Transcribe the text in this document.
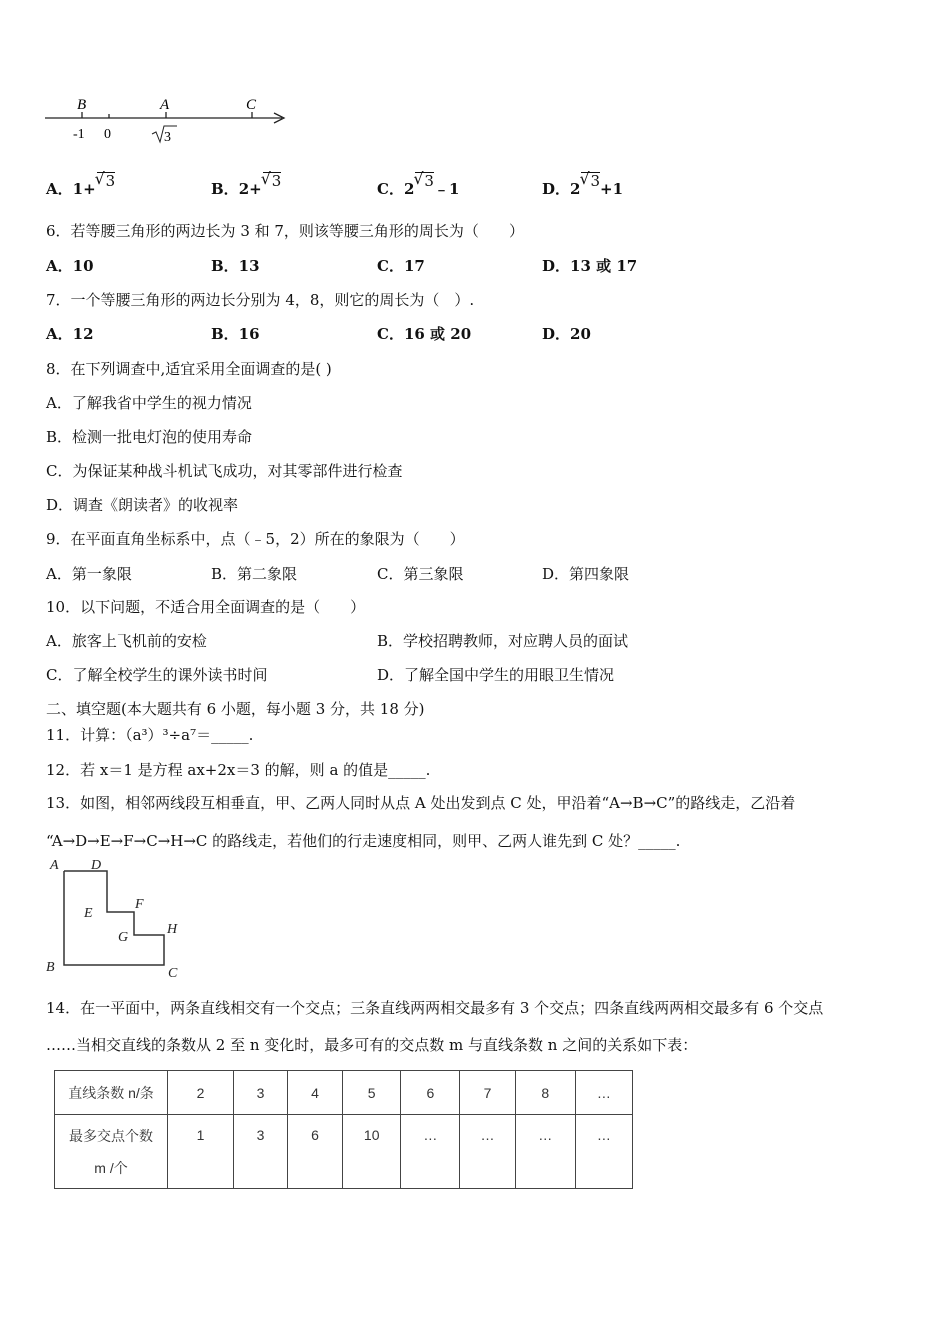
B	A	C
-1 0	3
A．1+ √ 3	B．2+ √ 3	C．2 √ 3﹣1	D．2 √ 3+1
6．若等腰三角形的两边长为 3 和 7，则该等腰三角形的周长为（　　）
A．10	B．13	C．17	D．13 或 17
7．一个等腰三角形的两边长分别为 4，8，则它的周长为（　）.
A．12	B．16	C．16 或 20	D．20
8．在下列调查中,适宜采用全面调查的是( )
A．了解我省中学生的视力情况
B．检测一批电灯泡的使用寿命
C．为保证某种战斗机试飞成功，对其零部件进行检查
D．调查《朗读者》的收视率
9．在平面直角坐标系中，点（﹣5，2）所在的象限为（　　）
A．第一象限	B．第二象限	C．第三象限	D．第四象限
10．以下问题，不适合用全面调查的是（　　）
A．旅客上飞机前的安检	B．学校招聘教师，对应聘人员的面试
C．了解全校学生的课外读书时间	D．了解全国中学生的用眼卫生情况
二、填空题(本大题共有 6 小题，每小题 3 分，共 18 分)
11．计算：（a³）³÷a⁷＝_____.
12．若 x＝1 是方程 ax+2x＝3 的解，则 a 的值是_____.
13．如图，相邻两线段互相垂直，甲、乙两人同时从点 A 处出发到点 C 处，甲沿着“A→B→C”的路线走，乙沿着
“A→D→E→F→C→H→C 的路线走，若他们的行走速度相同，则甲、乙两人谁先到 C 处？_____.
A D
E
F
G
H
B	C
14．在一平面中，两条直线相交有一个交点；三条直线两两相交最多有 3 个交点；四条直线两两相交最多有 6 个交点
……当相交直线的条数从 2 至 n 变化时，最多可有的交点数 m 与直线条数 n 之间的关系如下表：
直线条数 n/条	2	3	4	5	6	7	8	…

最多交点个数
m /个	1	3	6	10	…	…	…	…
